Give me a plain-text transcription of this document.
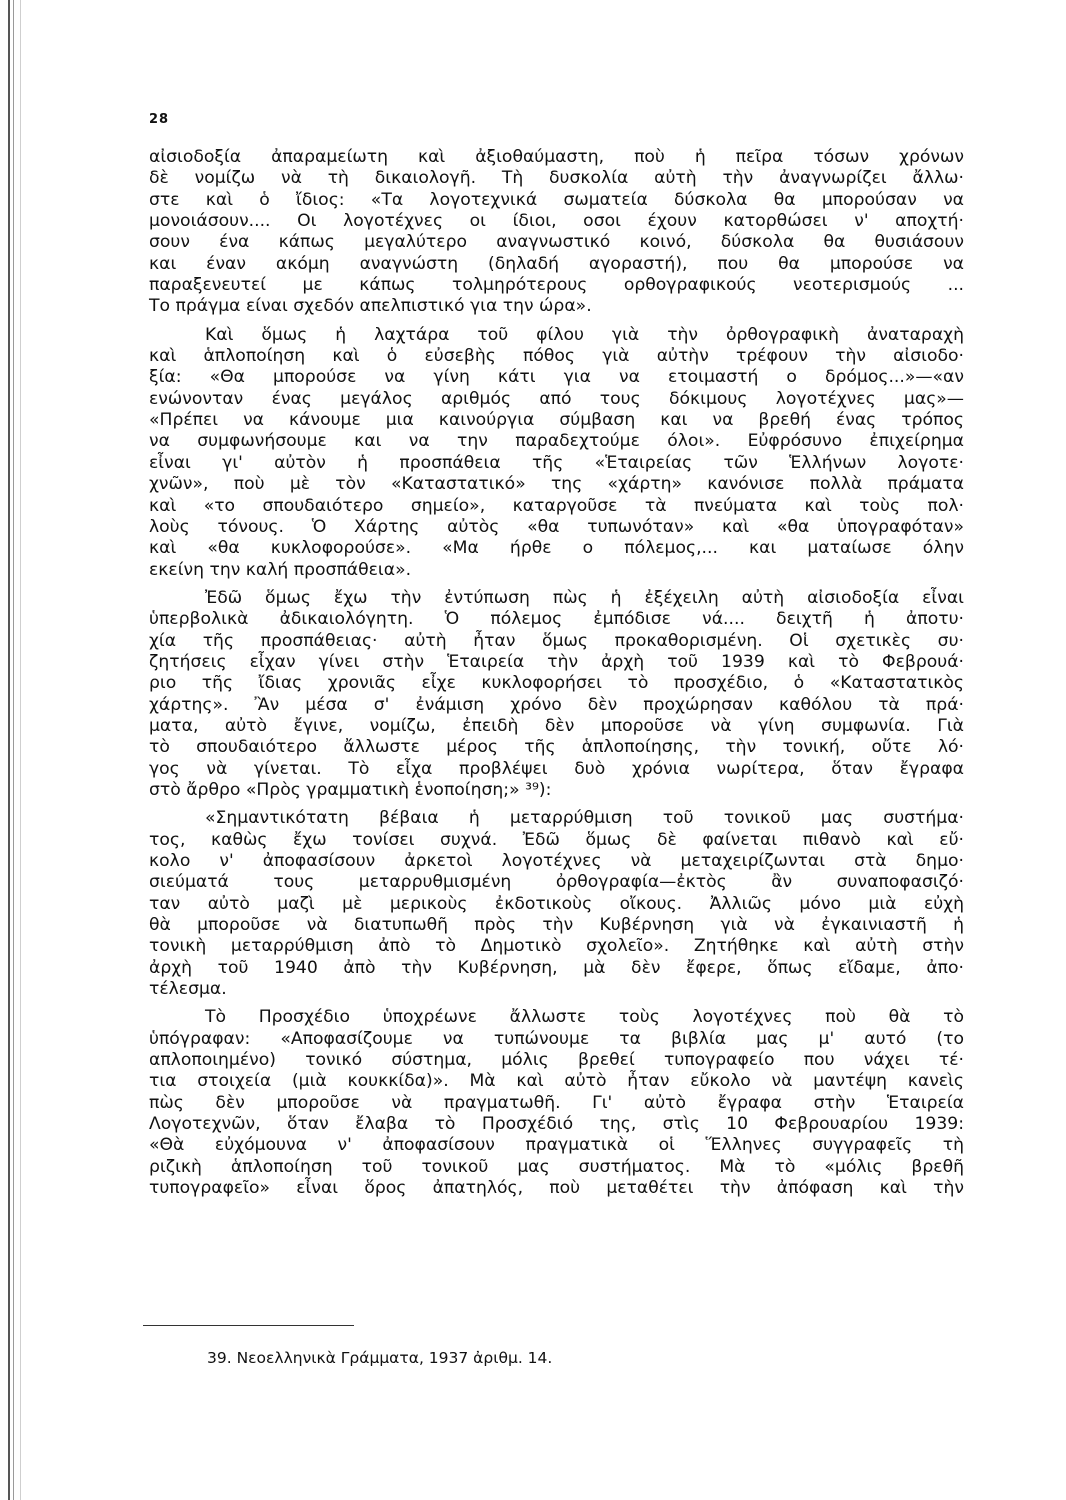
28
αἰσιοδοξία ἀπαραμείωτη καὶ ἀξιοθαύμαστη, ποὺ ἡ πεῖρα τόσων χρόνων
δὲ νομίζω νὰ τὴ δικαιολογῆ. Τὴ δυσκολία αὐτὴ τὴν ἀναγνωρίζει ἄλλω·
στε καὶ ὁ ἴδιος: «Τα λογοτεχνικά σωματεία δύσκολα θα μπορούσαν να
μονοιάσουν.... Οι λογοτέχνες οι ίδιοι, οσοι έχουν κατορθώσει ν' αποχτή·
σουν ένα κάπως μεγαλύτερο αναγνωστικό κοινό, δύσκολα θα θυσιάσουν
και έναν ακόμη αναγνώστη (δηλαδή αγοραστή), που θα μπορούσε να
παραξενευτεί με κάπως τολμηρότερους ορθογραφικούς νεοτερισμούς ...
Το πράγμα είναι σχεδόν απελπιστικό για την ώρα».
Καὶ ὅμως ἡ λαχτάρα τοῦ φίλου γιὰ τὴν ὀρθογραφικὴ ἀναταραχὴ
καὶ ἁπλοποίηση καὶ ὁ εὐσεβὴς πόθος γιὰ αὐτὴν τρέφουν τὴν αἰσιοδο·
ξία: «Θα μπορούσε να γίνη κάτι για να ετοιμαστή ο δρόμος...»—«αν
ενώνονταν ένας μεγάλος αριθμός από τους δόκιμους λογοτέχνες μας»—
«Πρέπει να κάνουμε μια καινούργια σύμβαση και να βρεθή ένας τρόπος
να συμφωνήσουμε και να την παραδεχτούμε όλοι». Εὐφρόσυνο ἐπιχείρημα
εἶναι γι' αὐτὸν ἡ προσπάθεια τῆς «Ἑταιρείας τῶν Ἑλλήνων λογοτε·
χνῶν», ποὺ μὲ τὸν «Καταστατικό» της «χάρτη» κανόνισε πολλὰ πράματα
καὶ «το σπουδαιότερο σημείο», καταργοῦσε τὰ πνεύματα καὶ τοὺς πολ·
λοὺς τόνους. Ὁ Χάρτης αὐτὸς «θα τυπωνόταν» καὶ «θα ὑπογραφόταν»
καὶ «θα κυκλοφορούσε». «Μα ήρθε ο πόλεμος,... και ματαίωσε όλην
εκείνη την καλή προσπάθεια».
Ἐδῶ ὅμως ἔχω τὴν ἐντύπωση πὼς ἡ ἐξέχειλη αὐτὴ αἰσιοδοξία εἶναι
ὑπερβολικὰ ἀδικαιολόγητη. Ὁ πόλεμος ἐμπόδισε νά.... δειχτῆ ἡ ἀποτυ·
χία τῆς προσπάθειας· αὐτὴ ἦταν ὅμως προκαθορισμένη. Οἱ σχετικὲς συ·
ζητήσεις εἶχαν γίνει στὴν Ἑταιρεία τὴν ἀρχὴ τοῦ 1939 καὶ τὸ Φεβρουά·
ριο τῆς ἴδιας χρονιᾶς εἶχε κυκλοφορήσει τὸ προσχέδιο, ὁ «Καταστατικὸς
χάρτης». Ἂν μέσα σ' ἐνάμιση χρόνο δὲν προχώρησαν καθόλου τὰ πρά·
ματα, αὐτὸ ἔγινε, νομίζω, ἐπειδὴ δὲν μποροῦσε νὰ γίνη συμφωνία. Γιὰ
τὸ σπουδαιότερο ἄλλωστε μέρος τῆς ἁπλοποίησης, τὴν τονική, οὔτε λό·
γος νὰ γίνεται. Τὸ εἶχα προβλέψει δυὸ χρόνια νωρίτερα, ὅταν ἔγραφα
στὸ ἄρθρο «Πρὸς γραμματικὴ ἑνοποίηση;» ³⁹):
«Σημαντικότατη βέβαια ἡ μεταρρύθμιση τοῦ τονικοῦ μας συστήμα·
τος, καθὼς ἔχω τονίσει συχνά. Ἐδῶ ὅμως δὲ φαίνεται πιθανὸ καὶ εὔ·
κολο ν' ἀποφασίσουν ἀρκετοὶ λογοτέχνες νὰ μεταχειρίζωνται στὰ δημο·
σιεύματά τους μεταρρυθμισμένη ὀρθογραφία—ἐκτὸς ἂν συναποφασιζό·
ταν αὐτὸ μαζὶ μὲ μερικοὺς ἐκδοτικοὺς οἴκους. Ἀλλιῶς μόνο μιὰ εὐχὴ
θὰ μποροῦσε νὰ διατυπωθῆ πρὸς τὴν Κυβέρνηση γιὰ νὰ ἐγκαινιαστῆ ἡ
τονικὴ μεταρρύθμιση ἀπὸ τὸ Δημοτικὸ σχολεῖο». Ζητήθηκε καὶ αὐτὴ στὴν
ἀρχὴ τοῦ 1940 ἀπὸ τὴν Κυβέρνηση, μὰ δὲν ἔφερε, ὅπως εἴδαμε, ἀπο·
τέλεσμα.
Τὸ Προσχέδιο ὑποχρέωνε ἄλλωστε τοὺς λογοτέχνες ποὺ θὰ τὸ
ὑπόγραφαν: «Αποφασίζουμε να τυπώνουμε τα βιβλία μας μ' αυτό (το
απλοποιημένο) τονικό σύστημα, μόλις βρεθεί τυπογραφείο που νάχει τέ·
τια στοιχεία (μιὰ κουκκίδα)». Μὰ καὶ αὐτὸ ἦταν εὔκολο νὰ μαντέψη κανεὶς
πὼς δὲν μποροῦσε νὰ πραγματωθῆ. Γι' αὐτὸ ἔγραφα στὴν Ἑταιρεία
Λογοτεχνῶν, ὅταν ἔλαβα τὸ Προσχέδιό της, στὶς 10 Φεβρουαρίου 1939:
«Θὰ εὐχόμουνα ν' ἀποφασίσουν πραγματικὰ οἱ Ἕλληνες συγγραφεῖς τὴ
ριζικὴ ἁπλοποίηση τοῦ τονικοῦ μας συστήματος. Μὰ τὸ «μόλις βρεθῆ
τυπογραφεῖο» εἶναι ὅρος ἀπατηλός, ποὺ μεταθέτει τὴν ἀπόφαση καὶ τὴν
39. Νεοελληνικὰ Γράμματα, 1937 ἀριθμ. 14.
